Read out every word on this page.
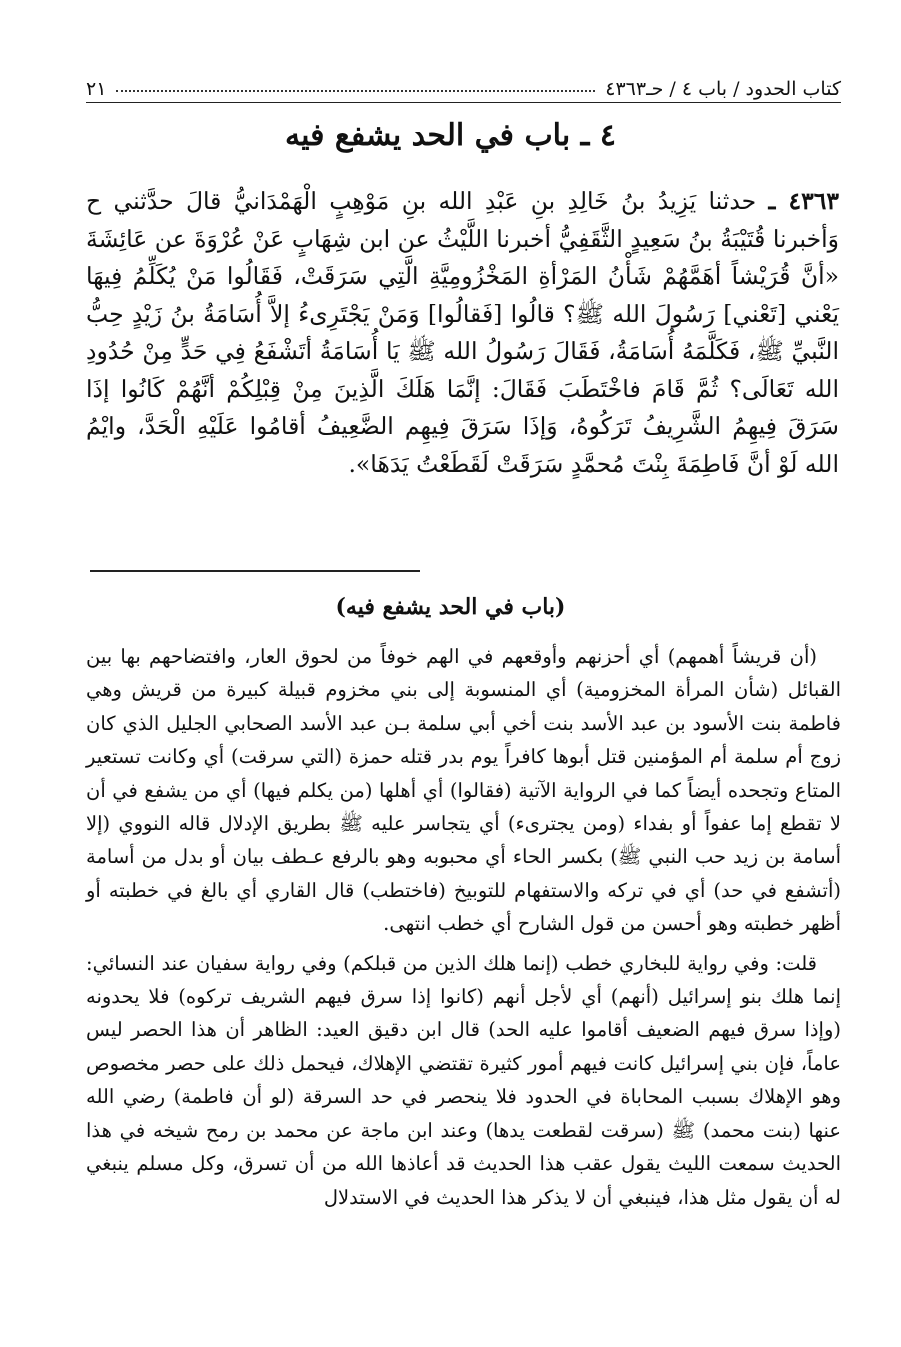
كتاب الحدود / باب ٤ / حـ٤٣٦٣
٢١
٤ ـ باب في الحد يشفع فيه
٤٣٦٣ ـ حدثنا يَزِيدُ بنُ خَالِدِ بنِ عَبْدِ الله بنِ مَوْهِبٍ الْهَمْدَانيُّ قالَ حدَّثني ح وَأخبرنا قُتَيْبَةُ بنُ سَعِيدٍ الثَّقَفِيُّ أخبرنا اللَّيْثُ عن ابن شِهَابٍ عَنْ عُرْوَةَ عن عَائِشَةَ «أنَّ قُرَيْشاً أهَمَّهُمْ شَأْنُ المَرْأةِ المَخْزُومِيَّةِ الَّتِي سَرَقَتْ، فَقَالُوا مَنْ يُكَلِّمُ فِيهَا يَعْني [تَعْني] رَسُولَ الله ﷺ؟ قالُوا [فَقالُوا] وَمَنْ يَجْتَرِىءُ إلاَّ أُسَامَةُ بنُ زَيْدٍ حِبُّ النَّبيِّ ﷺ، فَكَلَّمَهُ أُسَامَةُ، فَقَالَ رَسُولُ الله ﷺ يَا أُسَامَةُ أتَشْفَعُ فِي حَدٍّ مِنْ حُدُودِ الله تَعَالَى؟ ثُمَّ قَامَ فاخْتَطَبَ فَقَالَ: إنَّمَا هَلَكَ الَّذِينَ مِنْ قِبْلِكُمْ أنَّهُمْ كَانُوا إذَا سَرَقَ فِيهِمُ الشَّرِيفُ تَرَكُوهُ، وَإذَا سَرَقَ فِيهِم الضَّعِيفُ أقامُوا عَلَيْهِ الْحَدَّ، وايْمُ الله لَوْ أنَّ فَاطِمَةَ بِنْتَ مُحمَّدٍ سَرَقَتْ لَقَطَعْتُ يَدَهَا».
(باب في الحد يشفع فيه)

(أن قريشاً أهمهم) أي أحزنهم وأوقعهم في الهم خوفاً من لحوق العار، وافتضاحهم بها بين القبائل (شأن المرأة المخزومية) أي المنسوبة إلى بني مخزوم قبيلة كبيرة من قريش وهي فاطمة بنت الأسود بن عبد الأسد بنت أخي أبي سلمة بـن عبد الأسد الصحابي الجليل الذي كان زوج أم سلمة أم المؤمنين قتل أبوها كافراً يوم بدر قتله حمزة (التي سرقت) أي وكانت تستعير المتاع وتجحده أيضاً كما في الرواية الآتية (فقالوا) أي أهلها (من يكلم فيها) أي من يشفع في أن لا تقطع إما عفواً أو بفداء (ومن يجترىء) أي يتجاسر عليه ﷺ بطريق الإدلال قاله النووي (إلا أسامة بن زيد حب النبي ﷺ) بكسر الحاء أي محبوبه وهو بالرفع عـطف بيان أو بدل من أسامة (أتشفع في حد) أي في تركه والاستفهام للتوبيخ (فاختطب) قال القاري أي بالغ في خطبته أو أظهر خطبته وهو أحسن من قول الشارح أي خطب انتهى.

قلت: وفي رواية للبخاري خطب (إنما هلك الذين من قبلكم) وفي رواية سفيان عند النسائي: إنما هلك بنو إسرائيل (أنهم) أي لأجل أنهم (كانوا إذا سرق فيهم الشريف تركوه) فلا يحدونه (وإذا سرق فيهم الضعيف أقاموا عليه الحد) قال ابن دقيق العيد: الظاهر أن هذا الحصر ليس عاماً، فإن بني إسرائيل كانت فيهم أمور كثيرة تقتضي الإهلاك، فيحمل ذلك على حصر مخصوص وهو الإهلاك بسبب المحاباة في الحدود فلا ينحصر في حد السرقة (لو أن فاطمة) رضي الله عنها (بنت محمد) ﷺ (سرقت لقطعت يدها) وعند ابن ماجة عن محمد بن رمح شيخه في هذا الحديث سمعت الليث يقول عقب هذا الحديث قد أعاذها الله من أن تسرق، وكل مسلم ينبغي له أن يقول مثل هذا، فينبغي أن لا يذكر هذا الحديث في الاستدلال
